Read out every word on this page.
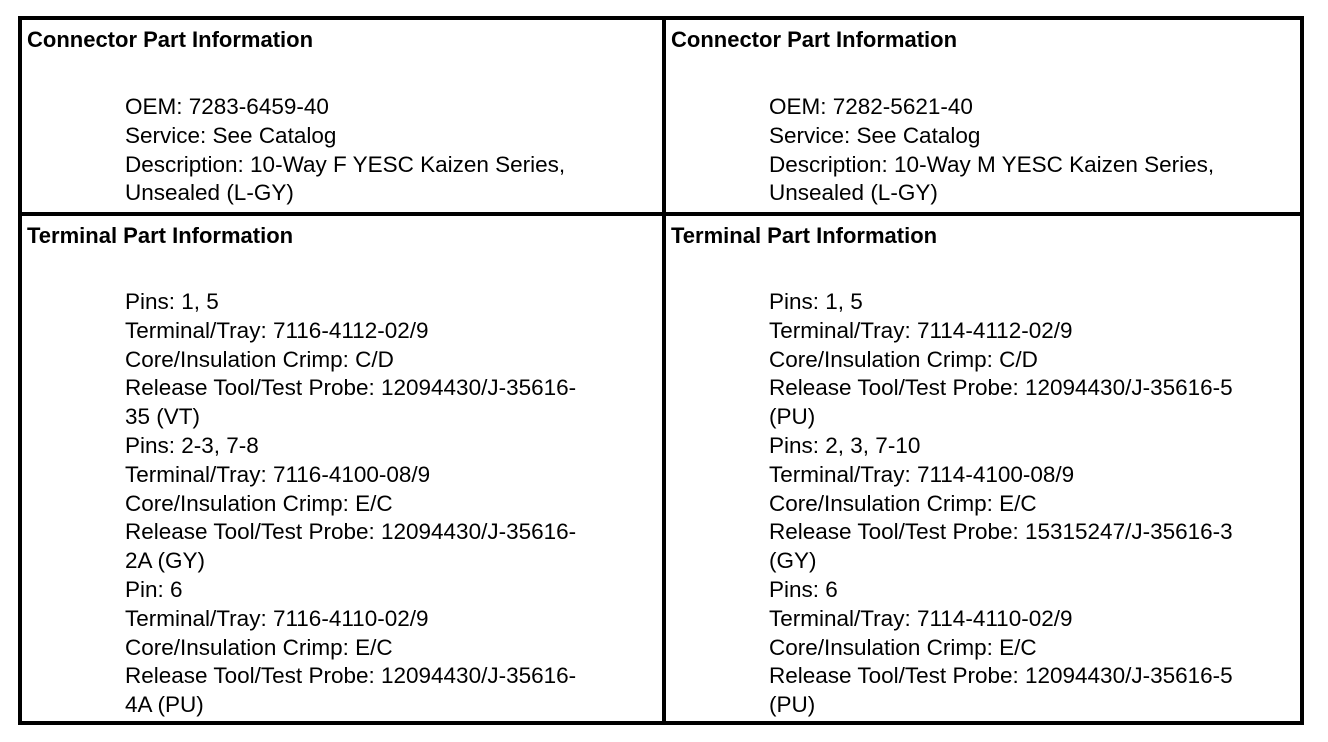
Connector Part Information
OEM: 7283-6459-40
Service: See Catalog
Description: 10-Way F YESC Kaizen Series,
Unsealed (L-GY)
Connector Part Information
OEM: 7282-5621-40
Service: See Catalog
Description: 10-Way M YESC Kaizen Series,
Unsealed (L-GY)
Terminal Part Information
Pins: 1, 5
Terminal/Tray: 7116-4112-02/9
Core/Insulation Crimp: C/D
Release Tool/Test Probe: 12094430/J-35616-
35 (VT)
Pins: 2-3, 7-8
Terminal/Tray: 7116-4100-08/9
Core/Insulation Crimp: E/C
Release Tool/Test Probe: 12094430/J-35616-
2A (GY)
Pin: 6
Terminal/Tray: 7116-4110-02/9
Core/Insulation Crimp: E/C
Release Tool/Test Probe: 12094430/J-35616-
4A (PU)
Terminal Part Information
Pins: 1, 5
Terminal/Tray: 7114-4112-02/9
Core/Insulation Crimp: C/D
Release Tool/Test Probe: 12094430/J-35616-5
(PU)
Pins: 2, 3, 7-10
Terminal/Tray: 7114-4100-08/9
Core/Insulation Crimp: E/C
Release Tool/Test Probe: 15315247/J-35616-3
(GY)
Pins: 6
Terminal/Tray: 7114-4110-02/9
Core/Insulation Crimp: E/C
Release Tool/Test Probe: 12094430/J-35616-5
(PU)
